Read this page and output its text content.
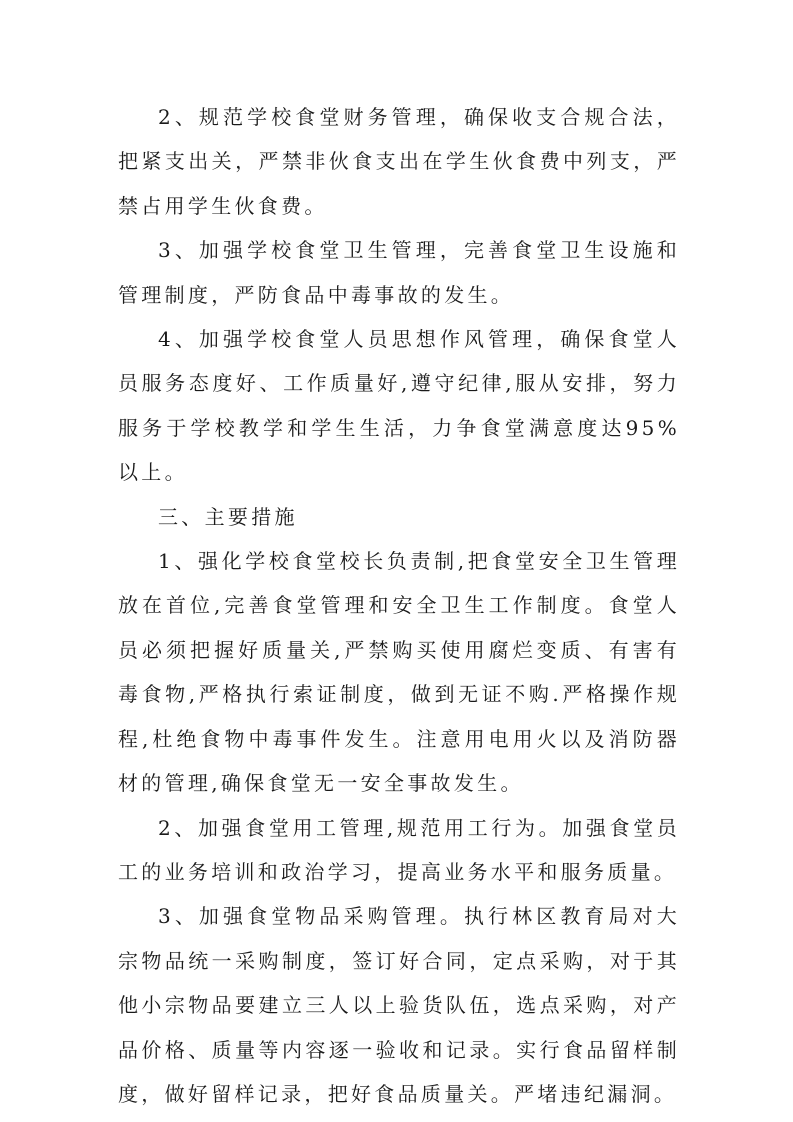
2、规范学校食堂财务管理，确保收支合规合法，把紧支出关，严禁非伙食支出在学生伙食费中列支，严禁占用学生伙食费。

3、加强学校食堂卫生管理，完善食堂卫生设施和管理制度，严防食品中毒事故的发生。

4、加强学校食堂人员思想作风管理，确保食堂人员服务态度好、工作质量好,遵守纪律,服从安排，努力服务于学校教学和学生生活，力争食堂满意度达95%以上。

三、主要措施

1、强化学校食堂校长负责制,把食堂安全卫生管理放在首位,完善食堂管理和安全卫生工作制度。食堂人员必须把握好质量关,严禁购买使用腐烂变质、有害有毒食物,严格执行索证制度，做到无证不购.严格操作规程,杜绝食物中毒事件发生。注意用电用火以及消防器材的管理,确保食堂无一安全事故发生。

2、加强食堂用工管理,规范用工行为。加强食堂员工的业务培训和政治学习，提高业务水平和服务质量。

3、加强食堂物品采购管理。执行林区教育局对大宗物品统一采购制度，签订好合同，定点采购，对于其他小宗物品要建立三人以上验货队伍，选点采购，对产品价格、质量等内容逐一验收和记录。实行食品留样制度，做好留样记录，把好食品质量关。严堵违纪漏洞。
